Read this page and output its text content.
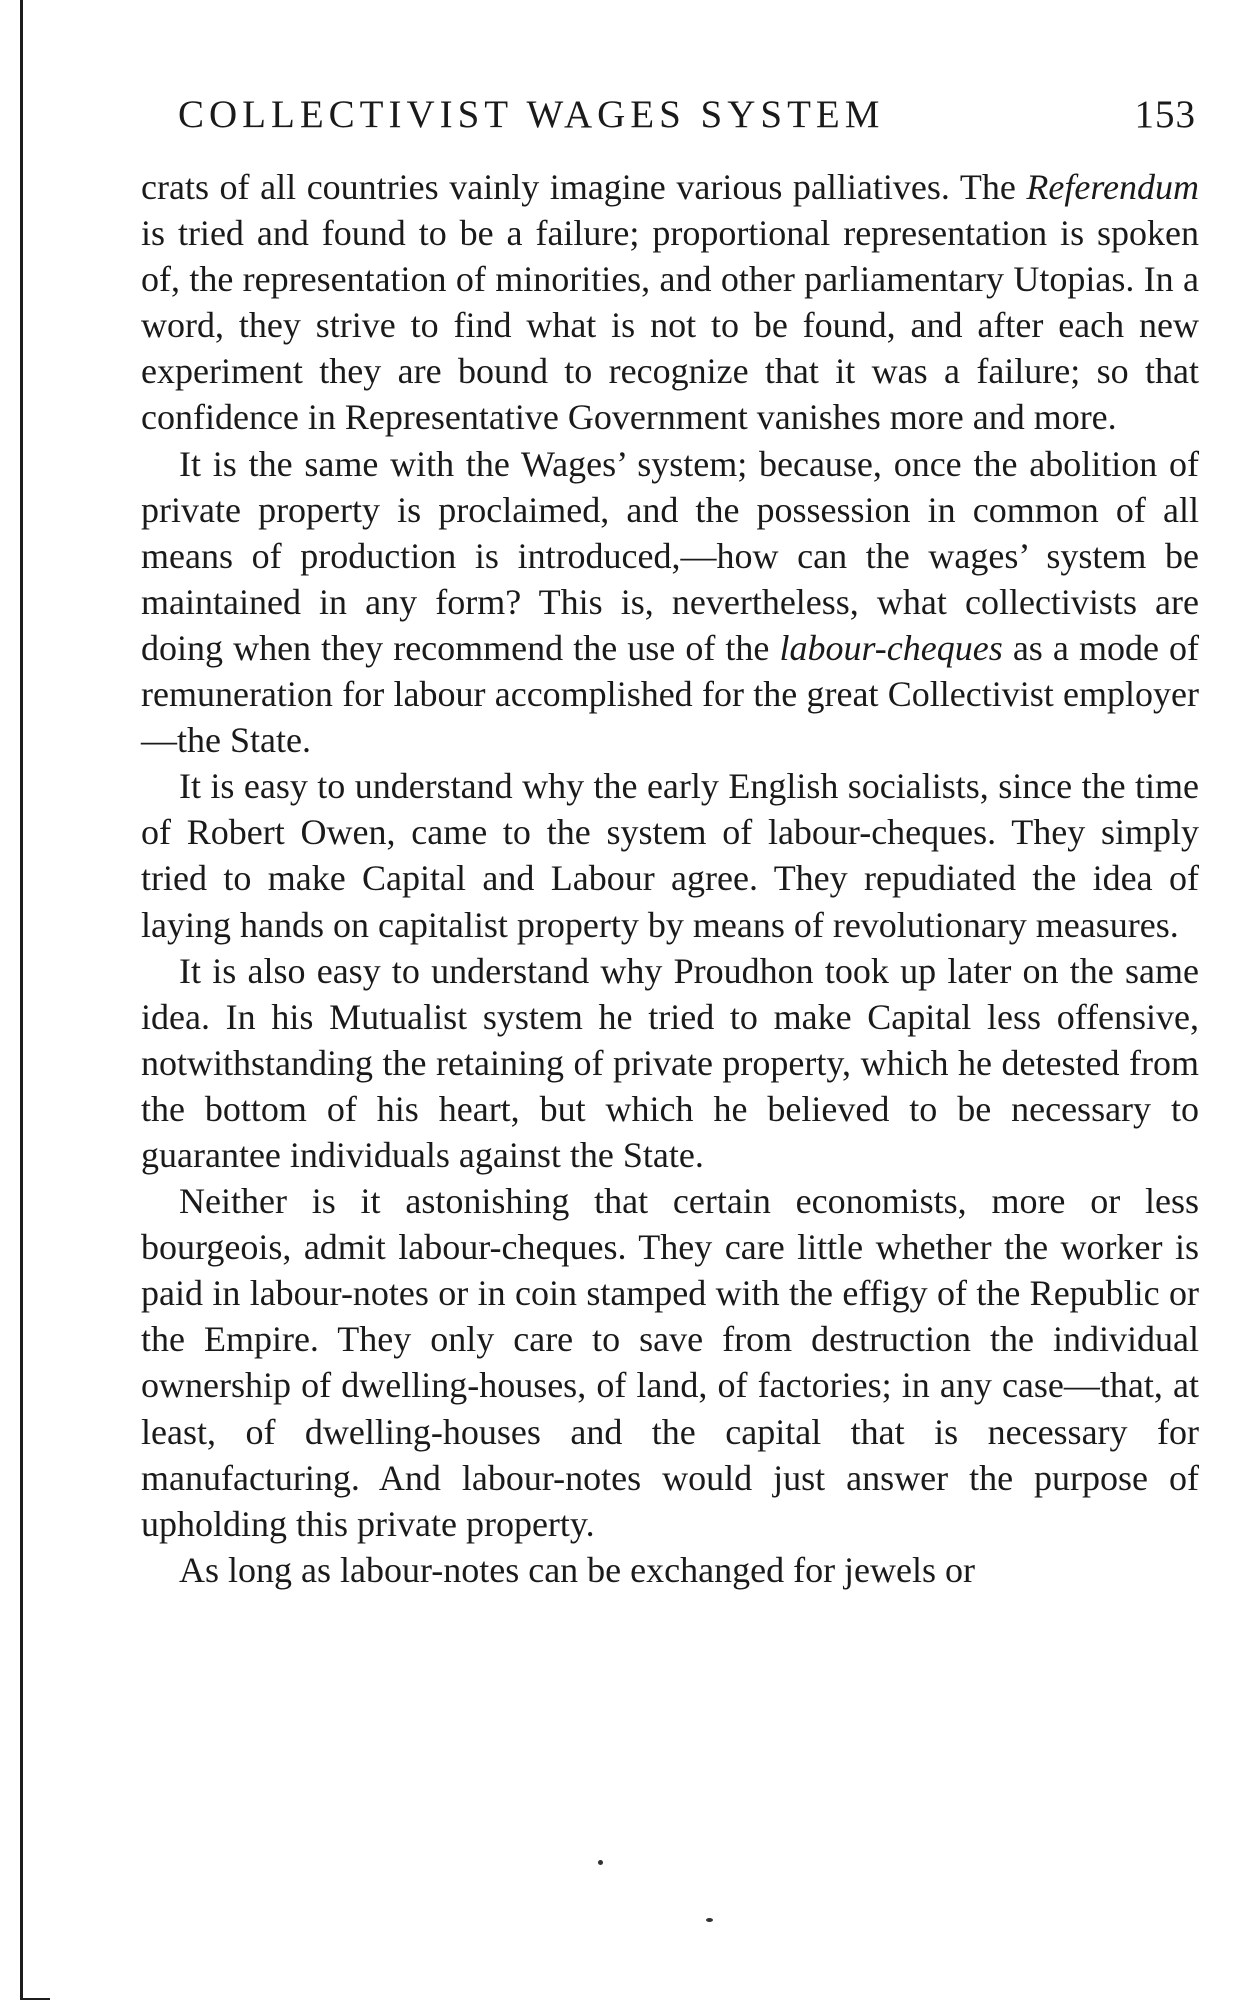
COLLECTIVIST WAGES SYSTEM	153

crats of all countries vainly imagine various palliatives. The Referendum is tried and found to be a failure; proportional representation is spoken of, the representation of minorities, and other parliamentary Utopias. In a word, they strive to find what is not to be found, and after each new experiment they are bound to recognize that it was a failure; so that confidence in Representative Government vanishes more and more.

It is the same with the Wages’ system; because, once the abolition of private property is proclaimed, and the possession in common of all means of production is introduced,—how can the wages’ system be maintained in any form? This is, nevertheless, what collectivists are doing when they recommend the use of the labour-cheques as a mode of remuneration for labour accomplished for the great Collectivist employer—the State.

It is easy to understand why the early English socialists, since the time of Robert Owen, came to the system of labour-cheques. They simply tried to make Capital and Labour agree. They repudiated the idea of laying hands on capitalist property by means of revolutionary measures.

It is also easy to understand why Proudhon took up later on the same idea. In his Mutualist system he tried to make Capital less offensive, notwithstanding the retaining of private property, which he detested from the bottom of his heart, but which he believed to be necessary to guarantee individuals against the State.

Neither is it astonishing that certain economists, more or less bourgeois, admit labour-cheques. They care little whether the worker is paid in labour-notes or in coin stamped with the effigy of the Republic or the Empire. They only care to save from destruction the individual ownership of dwelling-houses, of land, of factories; in any case—that, at least, of dwelling-houses and the capital that is necessary for manufacturing. And labour-notes would just answer the purpose of upholding this private property.

As long as labour-notes can be exchanged for jewels or
